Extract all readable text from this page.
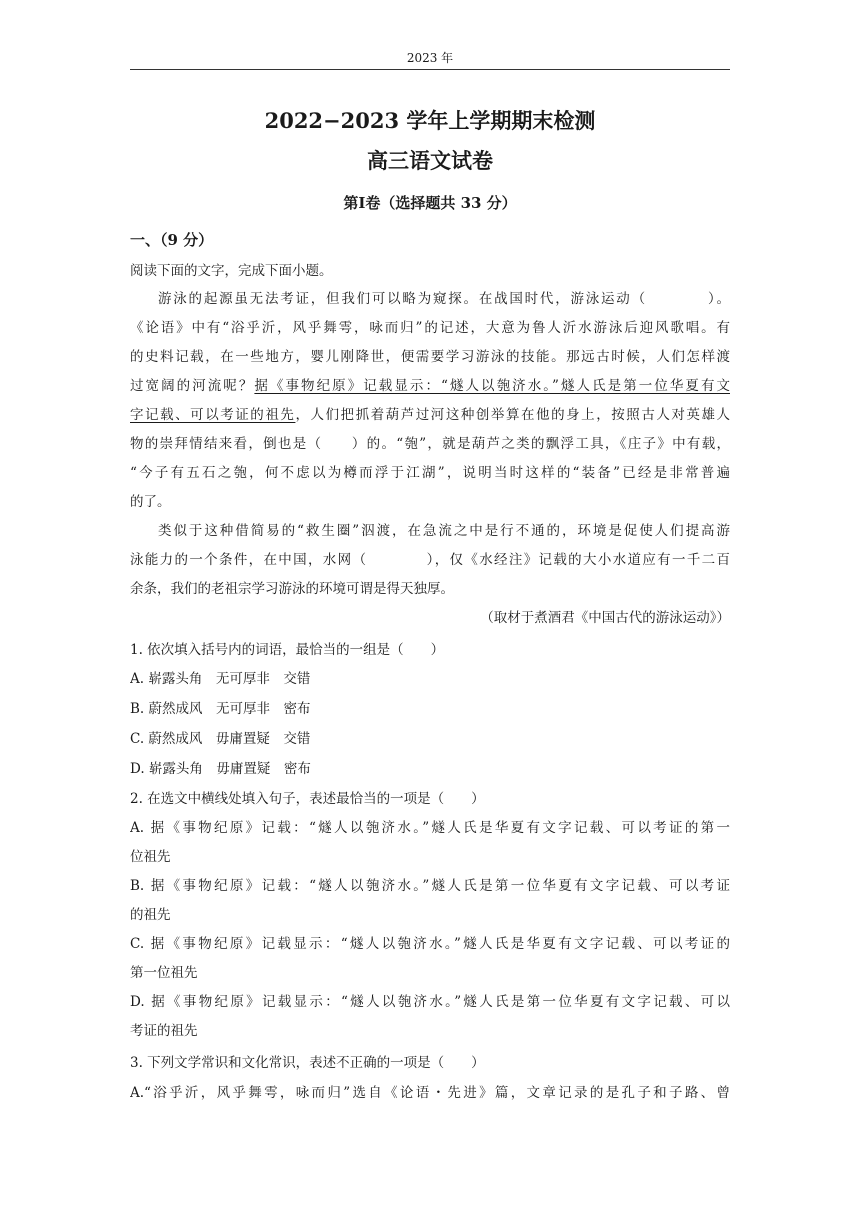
2023 年
2022−2023 学年上学期期末检测
高三语文试卷
第Ⅰ卷（选择题共 33 分）
一、（9 分）
阅读下面的文字，完成下面小题。
游泳的起源虽无法考证，但我们可以略为窥探。在战国时代，游泳运动（　　　　）。
《论语》中有“浴乎沂，风乎舞雩，咏而归”的记述，大意为鲁人沂水游泳后迎风歌唱。有
的史料记载，在一些地方，婴儿刚降世，便需要学习游泳的技能。那远古时候，人们怎样渡
过宽阔的河流呢？据《事物纪原》记载显示：“燧人以匏济水。”燧人氏是第一位华夏有文
字记载、可以考证的祖先，人们把抓着葫芦过河这种创举算在他的身上，按照古人对英雄人
物的崇拜情结来看，倒也是（　　）的。“匏”，就是葫芦之类的飘浮工具，《庄子》中有载，
“今子有五石之匏，何不虑以为樽而浮于江湖”，说明当时这样的“装备”已经是非常普遍
的了。
类似于这种借简易的“救生圈”泅渡，在急流之中是行不通的，环境是促使人们提高游
泳能力的一个条件，在中国，水网（　　　　），仅《水经注》记载的大小水道应有一千二百
余条，我们的老祖宗学习游泳的环境可谓是得天独厚。
（取材于煮酒君《中国古代的游泳运动》）
1. 依次填入括号内的词语，最恰当的一组是（　　）
A. 崭露头角　无可厚非　交错
B. 蔚然成风　无可厚非　密布
C. 蔚然成风　毋庸置疑　交错
D. 崭露头角　毋庸置疑　密布
2. 在选文中横线处填入句子，表述最恰当的一项是（　　）
A. 据《事物纪原》记载：“燧人以匏济水。”燧人氏是华夏有文字记载、可以考证的第一
位祖先
B. 据《事物纪原》记载：“燧人以匏济水。”燧人氏是第一位华夏有文字记载、可以考证
的祖先
C. 据《事物纪原》记载显示：“燧人以匏济水。”燧人氏是华夏有文字记载、可以考证的
第一位祖先
D. 据《事物纪原》记载显示：“燧人以匏济水。”燧人氏是第一位华夏有文字记载、可以
考证的祖先
3. 下列文学常识和文化常识，表述不正确的一项是（　　）
A.“浴乎沂，风乎舞雩，咏而归”选自《论语・先进》篇，文章记录的是孔子和子路、曾
